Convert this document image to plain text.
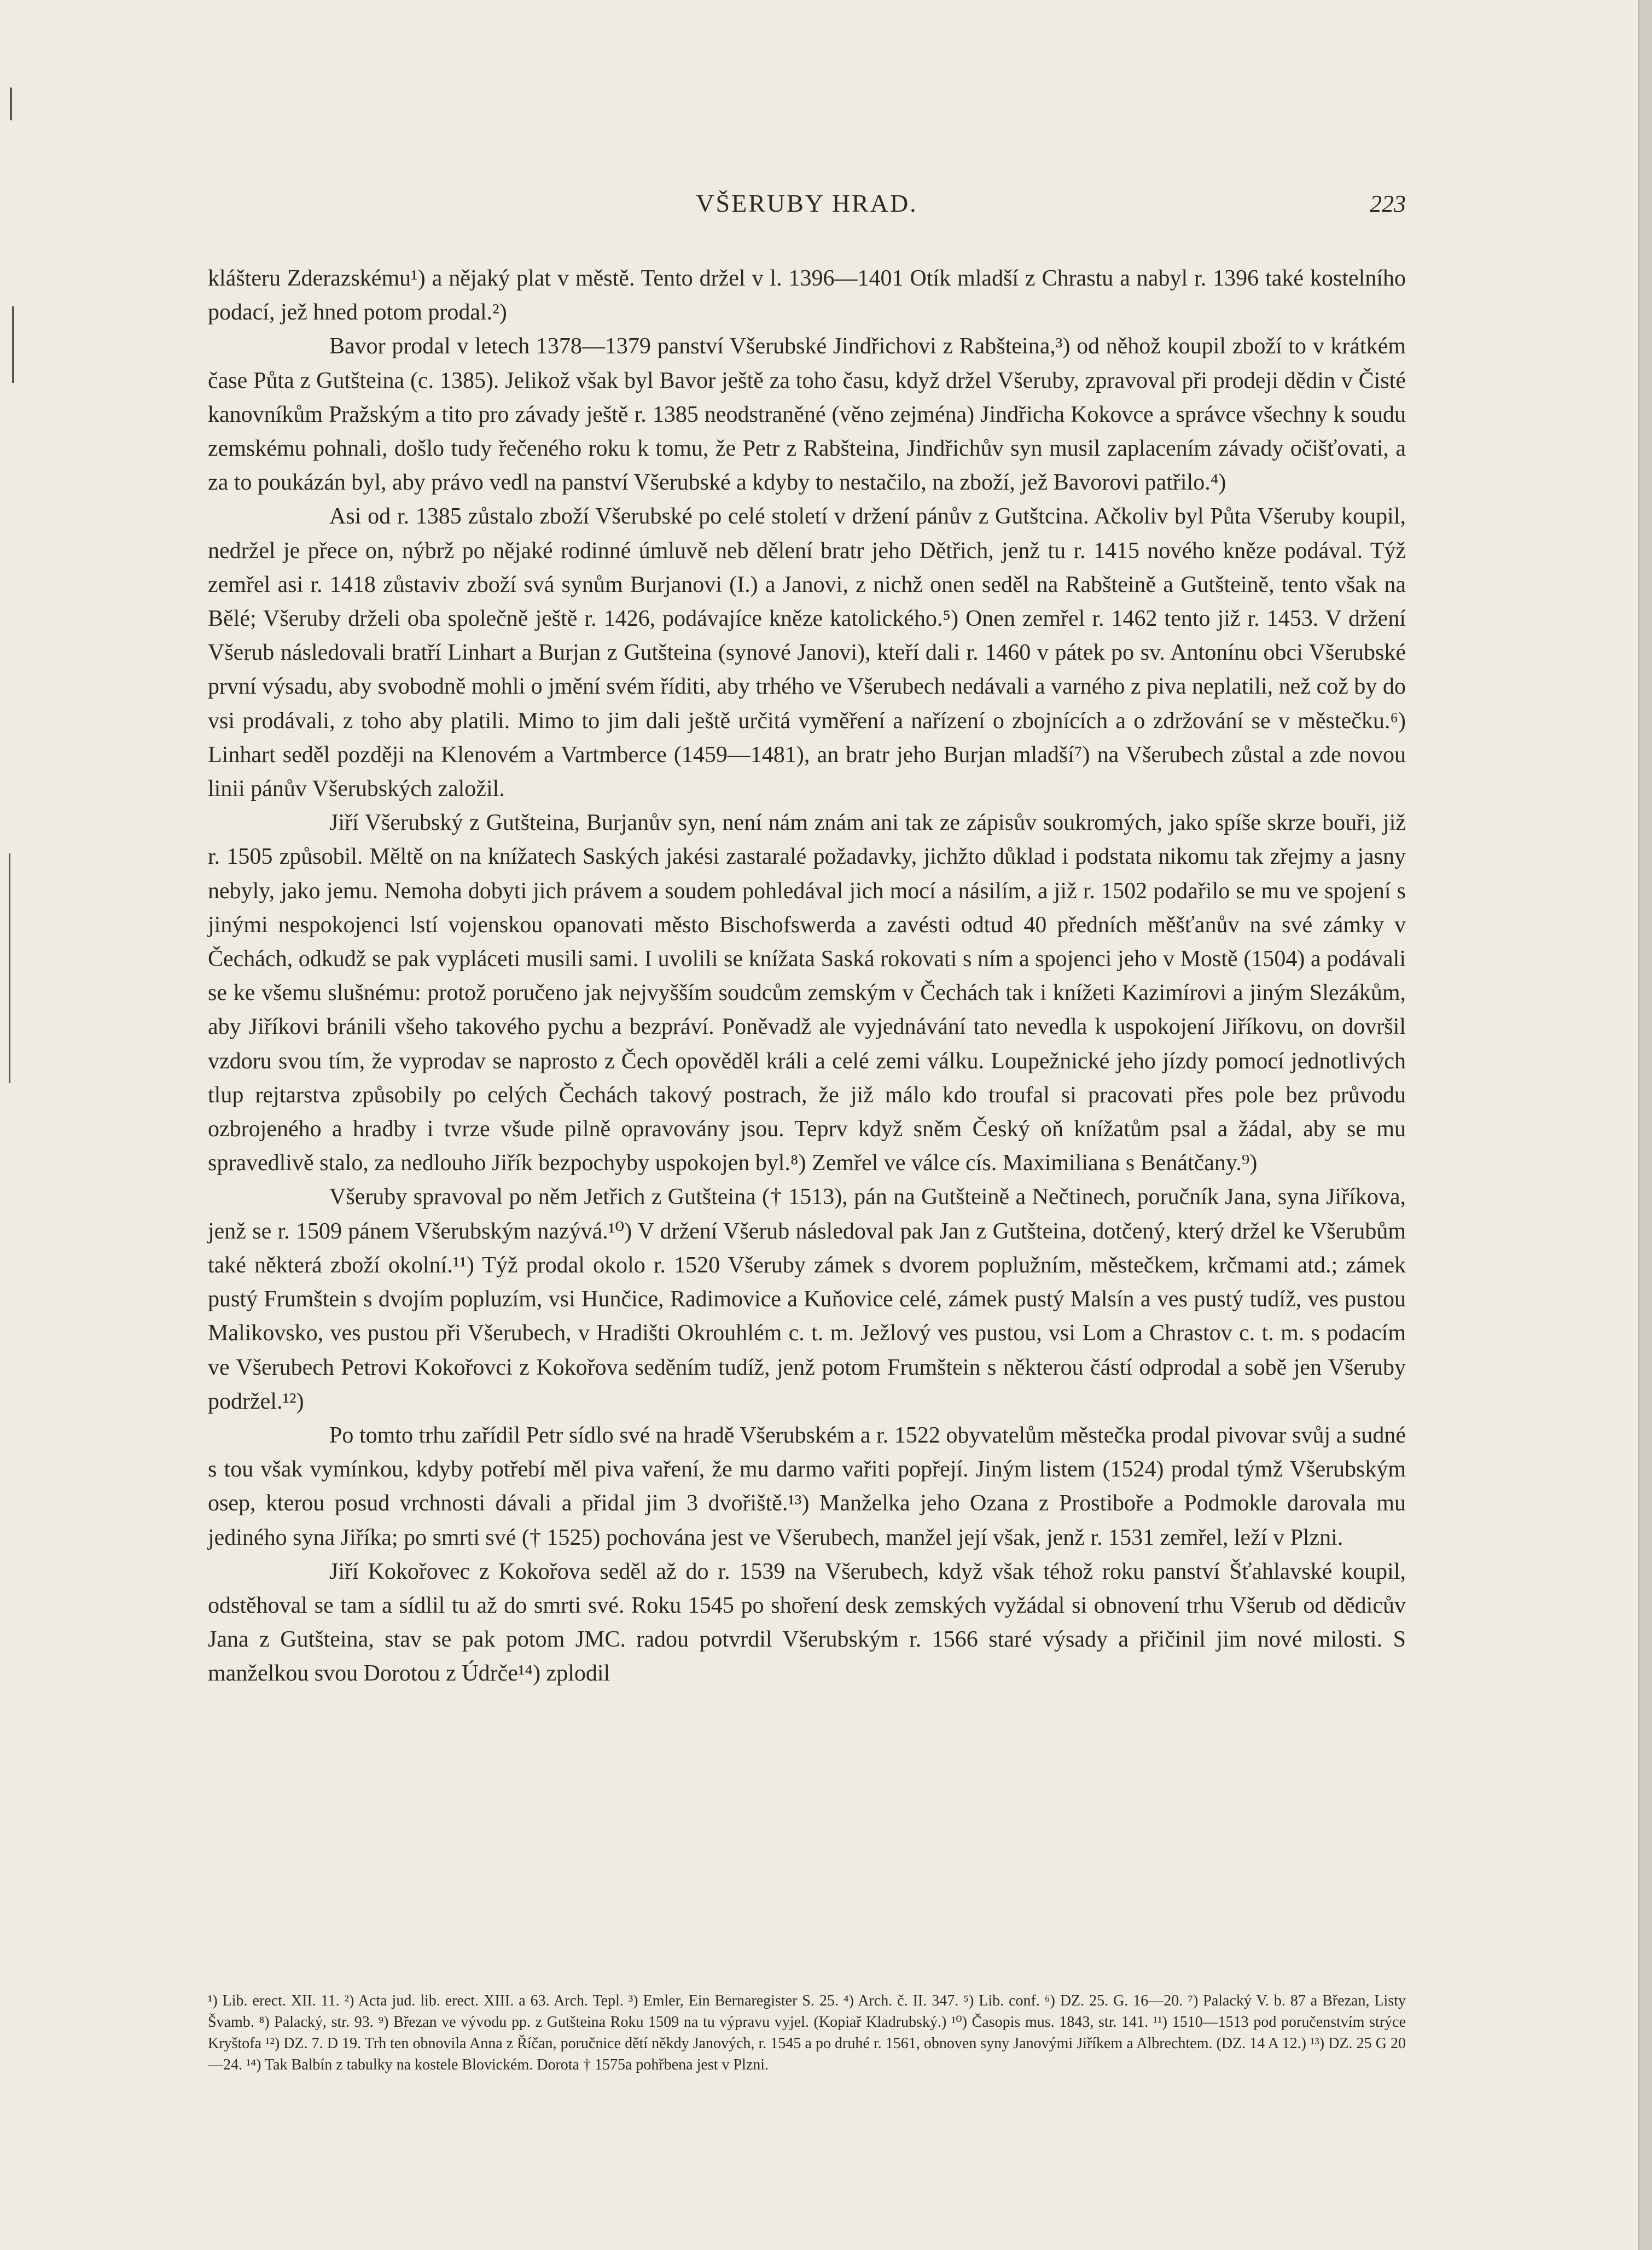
VŠERUBY HRAD.	223

klášteru Zderazskému¹) a nějaký plat v městě. Tento držel v l. 1396—1401 Otík mladší z Chrastu a nabyl r. 1396 také kostelního podací, jež hned potom prodal.²)

Bavor prodal v letech 1378—1379 panství Všerubské Jindřichovi z Rabšteina,³) od něhož koupil zboží to v krátkém čase Půta z Gutšteina (c. 1385). Jelikož však byl Bavor ještě za toho času, když držel Všeruby, zpravoval při prodeji dědin v Čisté kanovníkům Pražským a tito pro závady ještě r. 1385 neodstraněné (věno zejména) Jindřicha Kokovce a správce všechny k soudu zemskému pohnali, došlo tudy řečeného roku k tomu, že Petr z Rabšteina, Jindřichův syn musil zaplacením závady očišťovati, a za to poukázán byl, aby právo vedl na panství Všerubské a kdyby to nestačilo, na zboží, jež Bavorovi patřilo.⁴)

Asi od r. 1385 zůstalo zboží Všerubské po celé století v držení pánův z Gutštcina. Ačkoliv byl Půta Všeruby koupil, nedržel je přece on, nýbrž po nějaké rodinné úmluvě neb dělení bratr jeho Dětřich, jenž tu r. 1415 nového kněze podával. Týž zemřel asi r. 1418 zůstaviv zboží svá synům Burjanovi (I.) a Janovi, z nichž onen seděl na Rabšteině a Gutšteině, tento však na Bělé; Všeruby drželi oba společně ještě r. 1426, podávajíce kněze katolického.⁵) Onen zemřel r. 1462 tento již r. 1453. V držení Všerub následovali bratří Linhart a Burjan z Gutšteina (synové Janovi), kteří dali r. 1460 v pátek po sv. Antonínu obci Všerubské první výsadu, aby svobodně mohli o jmění svém říditi, aby trhého ve Všerubech nedávali a varného z piva neplatili, než což by do vsi prodávali, z toho aby platili. Mimo to jim dali ještě určitá vyměření a nařízení o zbojnících a o zdržování se v městečku.⁶) Linhart seděl později na Klenovém a Vartmberce (1459—1481), an bratr jeho Burjan mladší⁷) na Všerubech zůstal a zde novou linii pánův Všerubských založil.

Jiří Všerubský z Gutšteina, Burjanův syn, není nám znám ani tak ze zápisův soukromých, jako spíše skrze bouři, již r. 1505 způsobil. Měltě on na knížatech Saských jakési zastaralé požadavky, jichžto důklad i podstata nikomu tak zřejmy a jasny nebyly, jako jemu. Nemoha dobyti jich právem a soudem pohledával jich mocí a násilím, a již r. 1502 podařilo se mu ve spojení s jinými nespokojenci lstí vojenskou opanovati město Bischofswerda a zavésti odtud 40 předních měšťanův na své zámky v Čechách, odkudž se pak vypláceti musili sami. I uvolili se knížata Saská rokovati s ním a spojenci jeho v Mostě (1504) a podávali se ke všemu slušnému: protož poručeno jak nejvyšším soudcům zemským v Čechách tak i knížeti Kazimírovi a jiným Slezákům, aby Jiříkovi bránili všeho takového pychu a bezpráví. Poněvadž ale vyjednávání tato nevedla k uspokojení Jiříkovu, on dovršil vzdoru svou tím, že vyprodav se naprosto z Čech opověděl králi a celé zemi válku. Loupežnické jeho jízdy pomocí jednotlivých tlup rejtarstva způsobily po celých Čechách takový postrach, že již málo kdo troufal si pracovati přes pole bez průvodu ozbrojeného a hradby i tvrze všude pilně opravovány jsou. Teprv když sněm Český oň knížatům psal a žádal, aby se mu spravedlivě stalo, za nedlouho Jiřík bezpochyby uspokojen byl.⁸) Zemřel ve válce cís. Maximiliana s Benátčany.⁹)

Všeruby spravoval po něm Jetřich z Gutšteina († 1513), pán na Gutšteině a Nečtinech, poručník Jana, syna Jiříkova, jenž se r. 1509 pánem Všerubským nazývá.¹⁰) V držení Všerub následoval pak Jan z Gutšteina, dotčený, který držel ke Všerubům také některá zboží okolní.¹¹) Týž prodal okolo r. 1520 Všeruby zámek s dvorem poplužním, městečkem, krčmami atd.; zámek pustý Frumštein s dvojím popluzím, vsi Hunčice, Radimovice a Kuňovice celé, zámek pustý Malsín a ves pustý tudíž, ves pustou Malikovsko, ves pustou při Všerubech, v Hradišti Okrouhlém c. t. m. Ježlový ves pustou, vsi Lom a Chrastov c. t. m. s podacím ve Všerubech Petrovi Kokořovci z Kokořova seděním tudíž, jenž potom Frumštein s některou částí odprodal a sobě jen Všeruby podržel.¹²)

Po tomto trhu zařídil Petr sídlo své na hradě Všerubském a r. 1522 obyvatelům městečka prodal pivovar svůj a sudné s tou však vymínkou, kdyby potřebí měl piva vaření, že mu darmo vařiti popřejí. Jiným listem (1524) prodal týmž Všerubským osep, kterou posud vrchnosti dávali a přidal jim 3 dvořiště.¹³) Manželka jeho Ozana z Prostiboře a Podmokle darovala mu jediného syna Jiříka; po smrti své († 1525) pochována jest ve Všerubech, manžel její však, jenž r. 1531 zemřel, leží v Plzni.

Jiří Kokořovec z Kokořova seděl až do r. 1539 na Všerubech, když však téhož roku panství Šťahlavské koupil, odstěhoval se tam a sídlil tu až do smrti své. Roku 1545 po shoření desk zemských vyžádal si obnovení trhu Všerub od dědicův Jana z Gutšteina, stav se pak potom JMC. radou potvrdil Všerubským r. 1566 staré výsady a přičinil jim nové milosti. S manželkou svou Dorotou z Údrče¹⁴) zplodil

¹) Lib. erect. XII. 11. ²) Acta jud. lib. erect. XIII. a 63. Arch. Tepl. ³) Emler, Ein Bernaregister S. 25. ⁴) Arch. č. II. 347. ⁵) Lib. conf. ⁶) DZ. 25. G. 16—20. ⁷) Palacký V. b. 87 a Březan, Listy Švamb. ⁸) Palacký, str. 93. ⁹) Březan ve vývodu pp. z Gutšteina Roku 1509 na tu výpravu vyjel. (Kopiař Kladrubský.) ¹⁰) Časopis mus. 1843, str. 141. ¹¹) 1510—1513 pod poručenstvím strýce Kryštofa ¹²) DZ. 7. D 19. Trh ten obnovila Anna z Říčan, poručnice dětí někdy Janových, r. 1545 a po druhé r. 1561, obnoven syny Janovými Jiříkem a Albrechtem. (DZ. 14 A 12.) ¹³) DZ. 25 G 20—24. ¹⁴) Tak Balbín z tabulky na kostele Blovickém. Dorota † 1575a pohřbena jest v Plzni.
